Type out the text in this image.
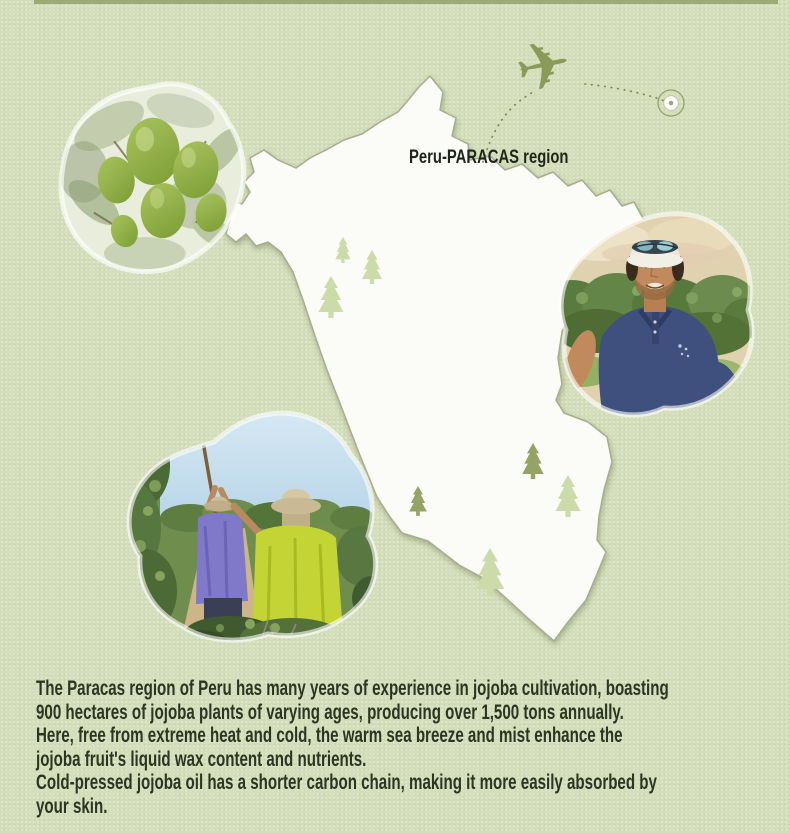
✈
Peru-PARACAS region
The Paracas region of Peru has many years of experience in jojoba cultivation, boasting
900 hectares of jojoba plants of varying ages, producing over 1,500 tons annually.
Here, free from extreme heat and cold, the warm sea breeze and mist enhance the
jojoba fruit's liquid wax content and nutrients.
Cold-pressed jojoba oil has a shorter carbon chain, making it more easily absorbed by
your skin.
